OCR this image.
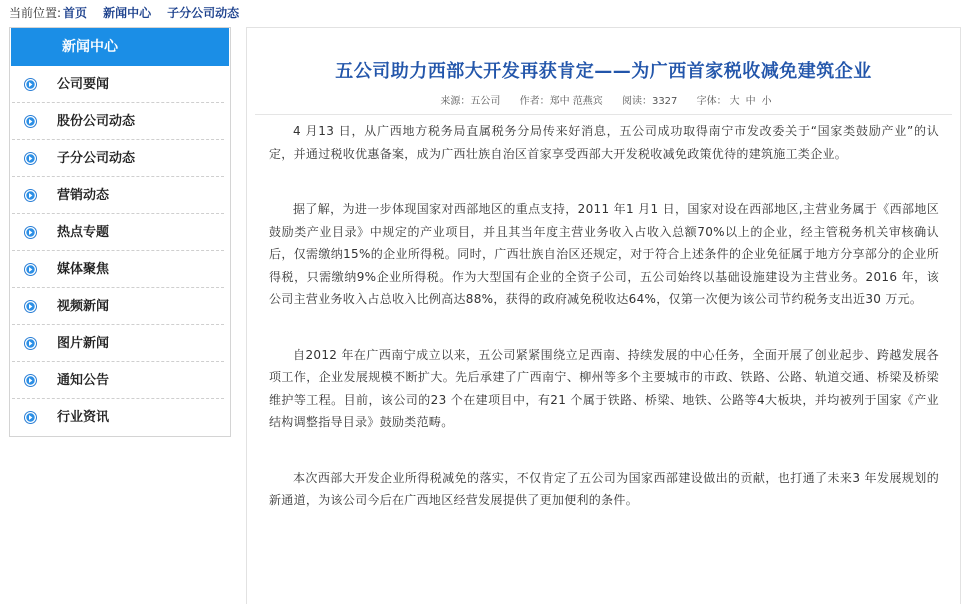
当前位置: 首页 新闻中心 子分公司动态
新闻中心
公司要闻
股份公司动态
子分公司动态
营销动态
热点专题
媒体聚焦
视频新闻
图片新闻
通知公告
行业资讯
五公司助力西部大开发再获肯定——为广西首家税收减免建筑企业
来源：五公司 作者：郑中 范燕宾 阅读：3327 字体： 大 中 小

4 月13 日，从广西地方税务局直属税务分局传来好消息，五公司成功取得南宁市发改委关于“国家类鼓励产业”的认定，并通过税收优惠备案，成为广西壮族自治区首家享受西部大开发税收减免政策优待的建筑施工类企业。

据了解，为进一步体现国家对西部地区的重点支持，2011 年1 月1 日，国家对设在西部地区,主营业务属于《西部地区鼓励类产业目录》中规定的产业项目，并且其当年度主营业务收入占收入总额70%以上的企业，经主管税务机关审核确认后，仅需缴纳15%的企业所得税。同时，广西壮族自治区还规定，对于符合上述条件的企业免征属于地方分享部分的企业所得税，只需缴纳9%企业所得税。作为大型国有企业的全资子公司，五公司始终以基础设施建设为主营业务。2016 年，该公司主营业务收入占总收入比例高达88%，获得的政府减免税收达64%，仅第一次便为该公司节约税务支出近30 万元。

自2012 年在广西南宁成立以来，五公司紧紧围绕立足西南、持续发展的中心任务，全面开展了创业起步、跨越发展各项工作，企业发展规模不断扩大。先后承建了广西南宁、柳州等多个主要城市的市政、铁路、公路、轨道交通、桥梁及桥梁维护等工程。目前，该公司的23 个在建项目中，有21 个属于铁路、桥梁、地铁、公路等4大板块，并均被列于国家《产业结构调整指导目录》鼓励类范畴。

本次西部大开发企业所得税减免的落实，不仅肯定了五公司为国家西部建设做出的贡献，也打通了未来3 年发展规划的新通道，为该公司今后在广西地区经营发展提供了更加便利的条件。
